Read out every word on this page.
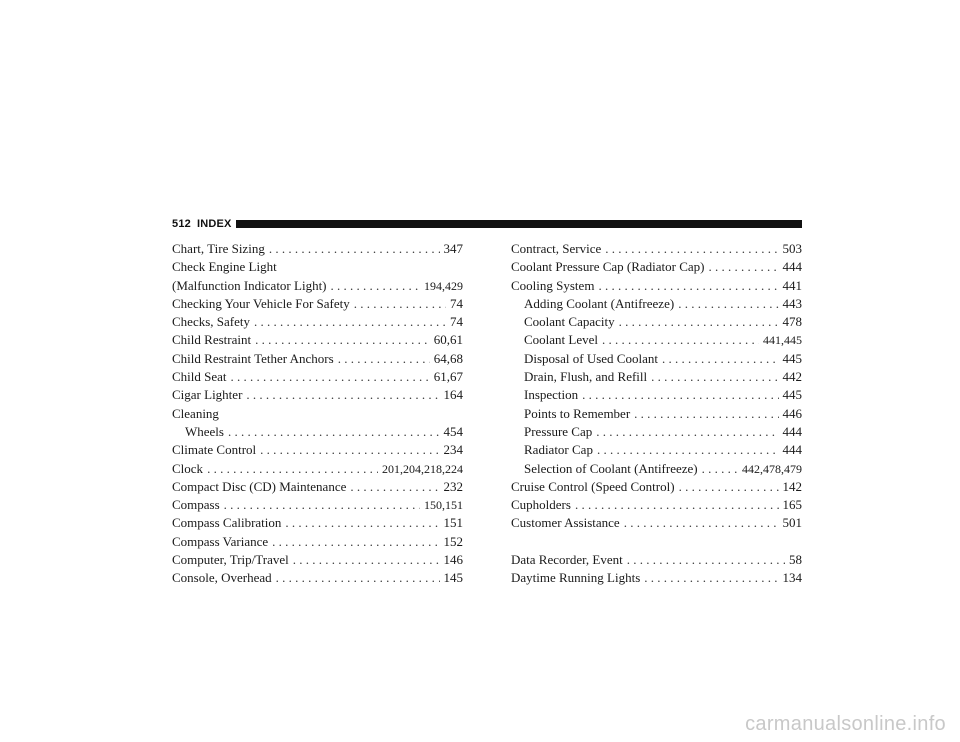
512 INDEX
Chart, Tire Sizing . . .	347
Check Engine Light
(Malfunction Indicator Light) . . .	194,429
Checking Your Vehicle For Safety . . .	74
Checks, Safety . . .	74
Child Restraint . . .	60,61
Child Restraint Tether Anchors . . .	64,68
Child Seat . . .	61,67
Cigar Lighter . . .	164
Cleaning
Wheels . . .	454
Climate Control . . .	234
Clock . . .	201,204,218,224
Compact Disc (CD) Maintenance . . .	232
Compass . . .	150,151
Compass Calibration . . .	151
Compass Variance . . .	152
Computer, Trip/Travel . . .	146
Console, Overhead . . .	145
Contract, Service . . .	503
Coolant Pressure Cap (Radiator Cap) . . .	444
Cooling System . . .	441
Adding Coolant (Antifreeze) . . .	443
Coolant Capacity . . .	478
Coolant Level . . .	441,445
Disposal of Used Coolant . . .	445
Drain, Flush, and Refill . . .	442
Inspection . . .	445
Points to Remember . . .	446
Pressure Cap . . .	444
Radiator Cap . . .	444
Selection of Coolant (Antifreeze) . . .	442,478,479
Cruise Control (Speed Control) . . .	142
Cupholders . . .	165
Customer Assistance . . .	501
Data Recorder, Event . . .	58
Daytime Running Lights . . .	134
carmanualsonline.info
